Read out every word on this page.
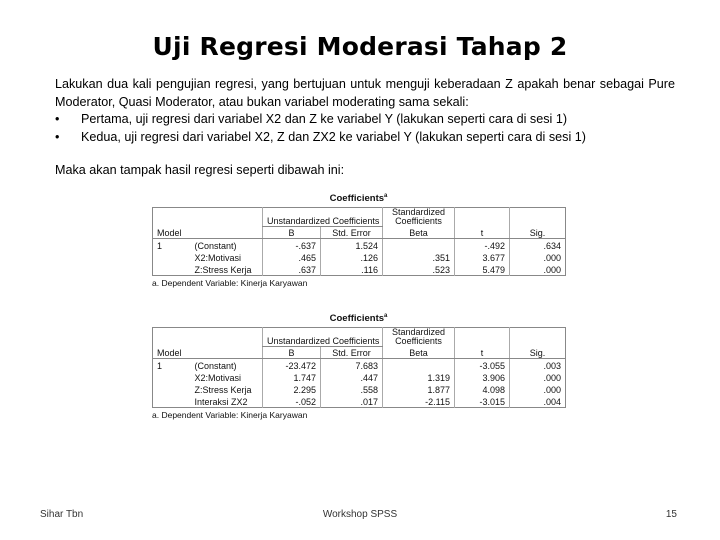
Uji Regresi Moderasi Tahap 2
Lakukan dua kali pengujian regresi, yang bertujuan untuk menguji keberadaan Z apakah benar sebagai Pure Moderator, Quasi Moderator, atau bukan variabel moderating sama sekali:
•	Pertama, uji regresi dari variabel X2 dan Z ke variabel Y (lakukan seperti cara di sesi 1)
•	Kedua, uji regresi dari variabel X2, Z dan ZX2 ke variabel Y (lakukan seperti cara di sesi 1)
Maka akan tampak hasil regresi seperti dibawah ini:
Coefficients$^a$
		Unstandardized Coefficients		Standardized Coefficients		
Model		B	Std. Error	Beta	t	Sig.
1	(Constant)	-.637	1.524		-.492	.634
	X2:Motivasi	.465	.126	.351	3.677	.000
	Z:Stress Kerja	.637	.116	.523	5.479	.000
a. Dependent Variable: Kinerja Karyawan
Coefficients$^a$
		Unstandardized Coefficients		Standardized Coefficients		
Model		B	Std. Error	Beta	t	Sig.
1	(Constant)	-23.472	7.683		-3.055	.003
	X2:Motivasi	1.747	.447	1.319	3.906	.000
	Z:Stress Kerja	2.295	.558	1.877	4.098	.000
	Interaksi ZX2	-.052	.017	-2.115	-3.015	.004
a. Dependent Variable: Kinerja Karyawan
Sihar Tbn	Workshop SPSS	15
